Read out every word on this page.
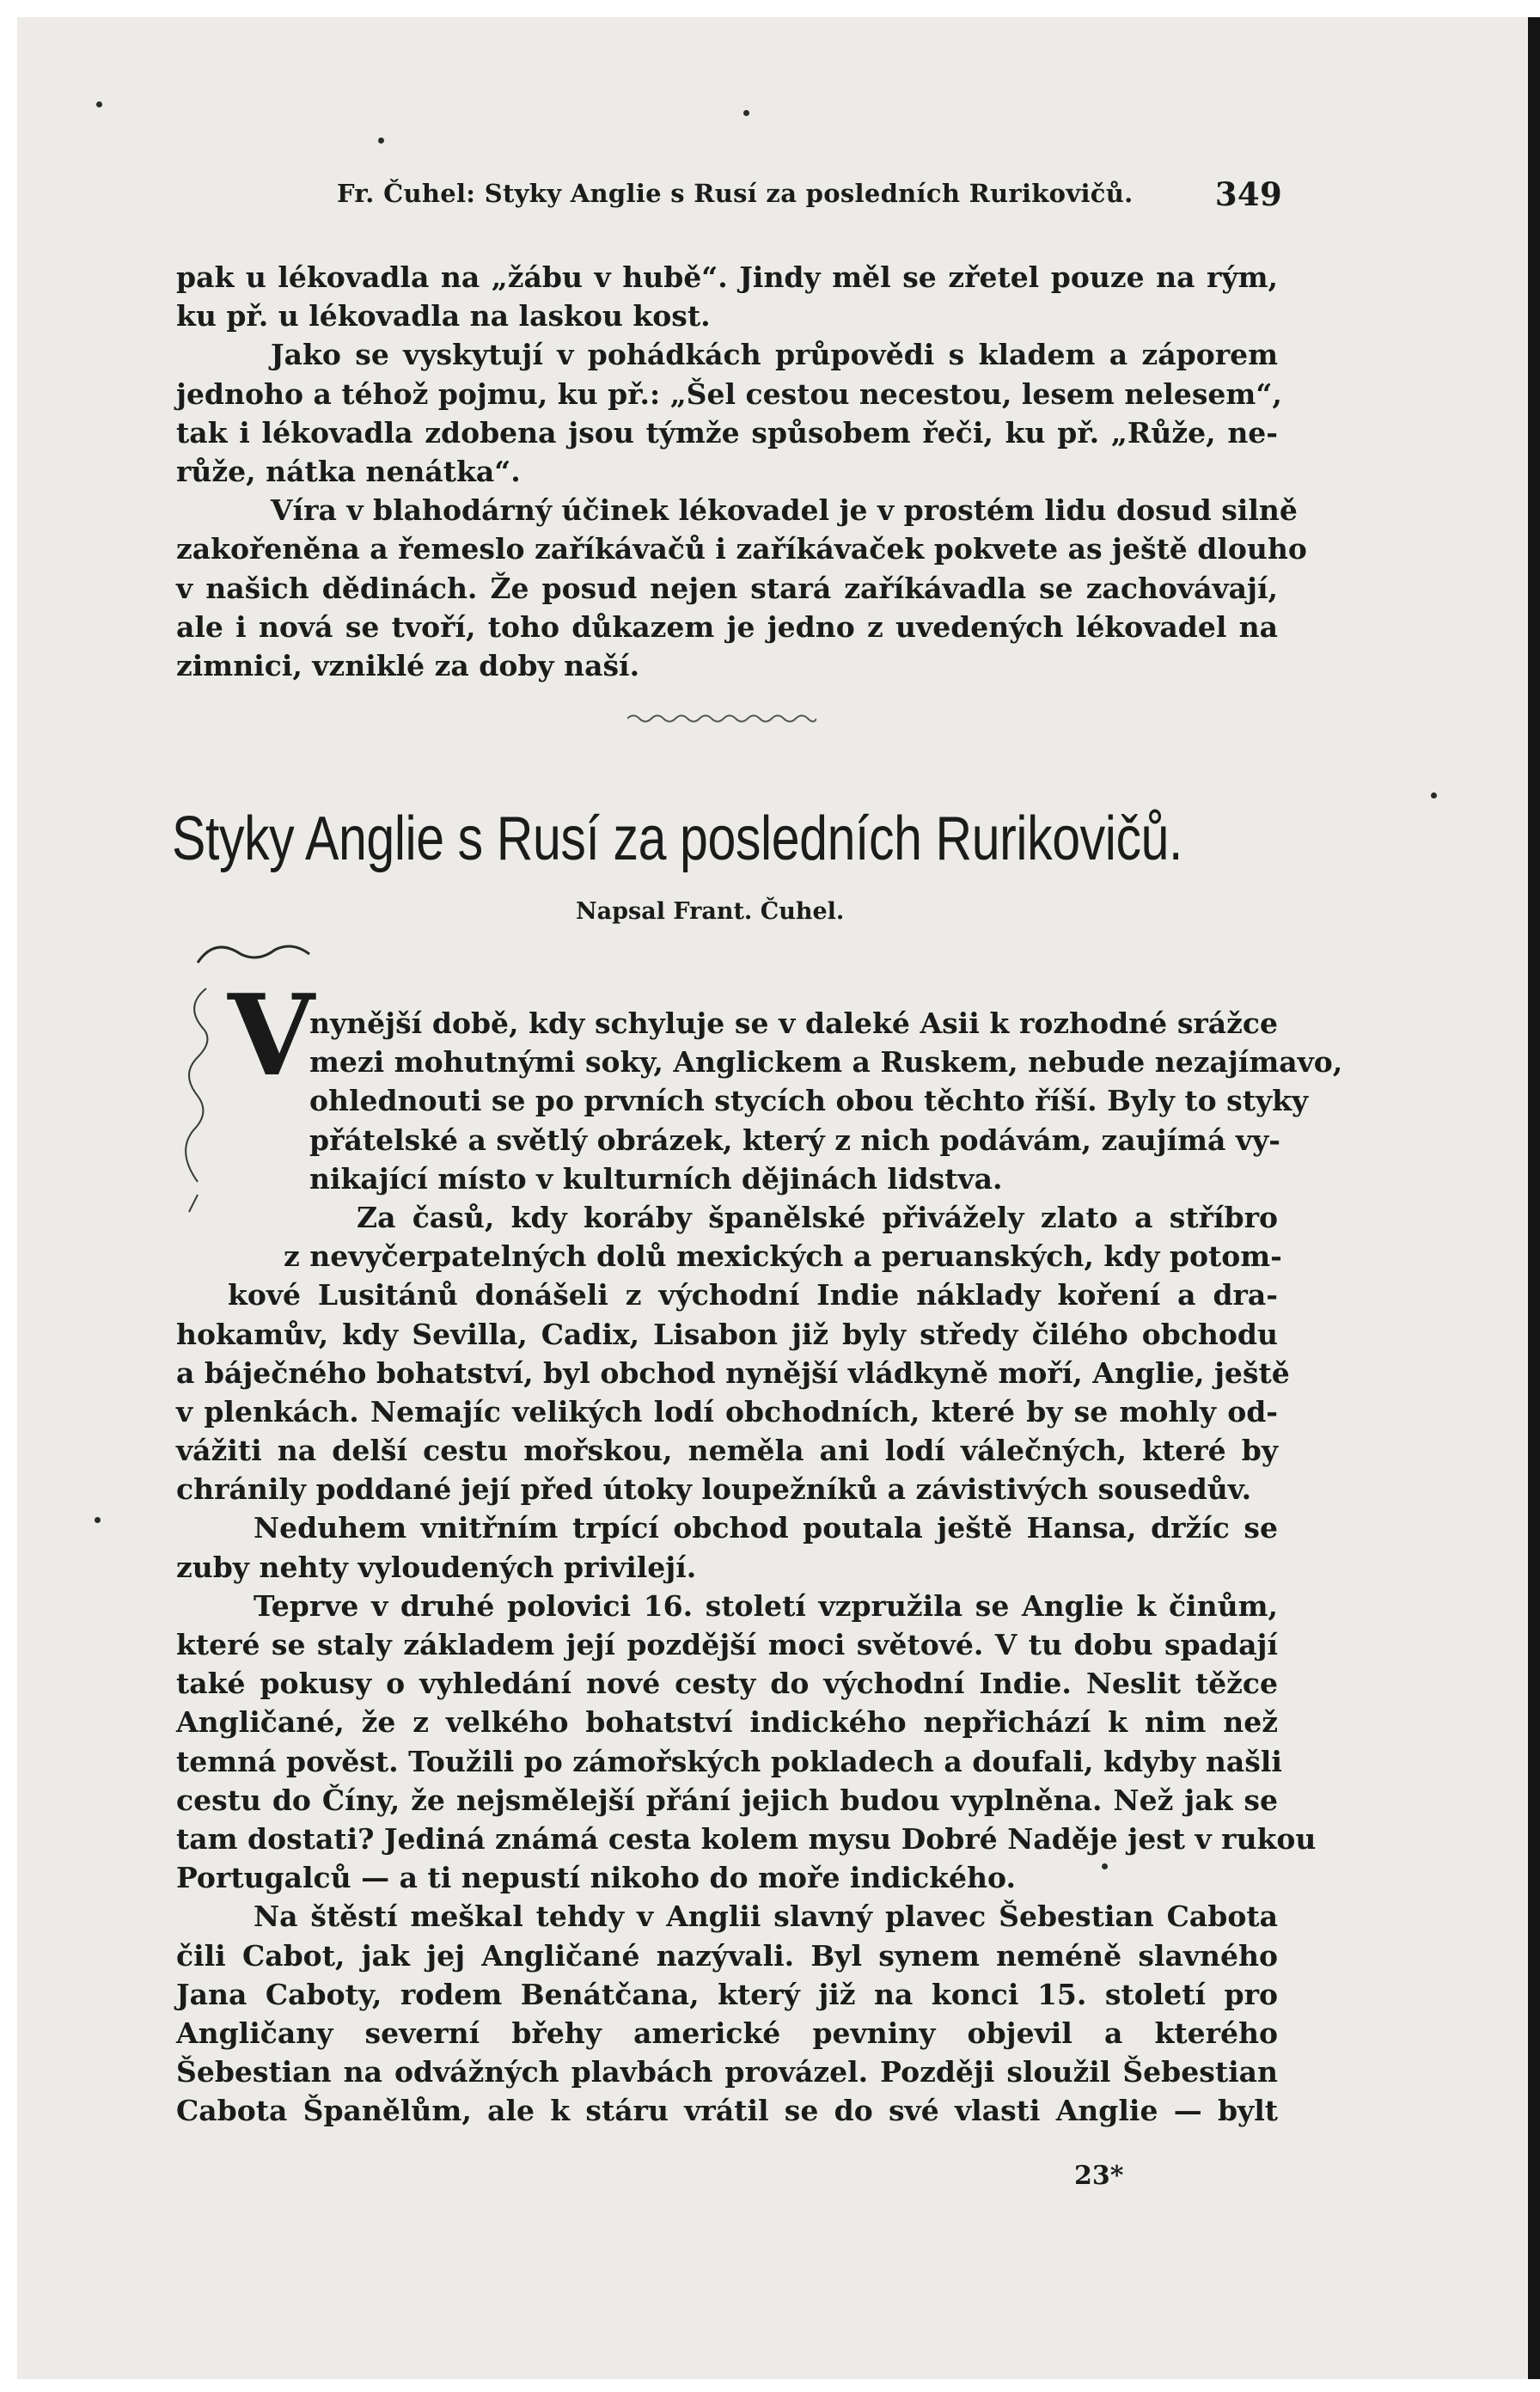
Fr. Čuhel: Styky Anglie s Rusí za posledních Rurikovičů.	349
pak u lékovadla na „žábu v hubě“. Jindy měl se zřetel pouze na rým,
ku př. u lékovadla na laskou kost.
Jako se vyskytují v pohádkách průpovědi s kladem a záporem
jednoho a téhož pojmu, ku př.: „Šel cestou necestou, lesem nelesem“,
tak i lékovadla zdobena jsou týmže spůsobem řeči, ku př. „Růže, ne-
růže, nátka nenátka“.
Víra v blahodárný účinek lékovadel je v prostém lidu dosud silně
zakořeněna a řemeslo zaříkávačů i zaříkávaček pokvete as ještě dlouho
v našich dědinách. Že posud nejen stará zaříkávadla se zachovávají,
ale i nová se tvoří, toho důkazem je jedno z uvedených lékovadel na
zimnici, vzniklé za doby naší.
Styky Anglie s Rusí za posledních Rurikovičů.
Napsal Frant. Čuhel.
V
nynější době, kdy schyluje se v daleké Asii k rozhodné srážce
mezi mohutnými soky, Anglickem a Ruskem, nebude nezajímavo,
ohlednouti se po prvních stycích obou těchto říší. Byly to styky
přátelské a světlý obrázek, který z nich podávám, zaujímá vy-
nikající místo v kulturních dějinách lidstva.
Za časů, kdy koráby španělské přivážely zlato a stříbro
z nevyčerpatelných dolů mexických a peruanských, kdy potom-
kové Lusitánů donášeli z východní Indie náklady koření a dra-
hokamův, kdy Sevilla, Cadix, Lisabon již byly středy čilého obchodu
a báječného bohatství, byl obchod nynější vládkyně moří, Anglie, ještě
v plenkách. Nemajíc velikých lodí obchodních, které by se mohly od-
vážiti na delší cestu mořskou, neměla ani lodí válečných, které by
chránily poddané její před útoky loupežníků a závistivých sousedův.
Neduhem vnitřním trpící obchod poutala ještě Hansa, držíc se
zuby nehty vyloudených privilejí.
Teprve v druhé polovici 16. století vzpružila se Anglie k činům,
které se staly základem její pozdější moci světové. V tu dobu spadají
také pokusy o vyhledání nové cesty do východní Indie. Neslit těžce
Angličané, že z velkého bohatství indického nepřichází k nim než
temná pověst. Toužili po zámořských pokladech a doufali, kdyby našli
cestu do Číny, že nejsmělejší přání jejich budou vyplněna. Než jak se
tam dostati? Jediná známá cesta kolem mysu Dobré Naděje jest v rukou
Portugalců — a ti nepustí nikoho do moře indického.
Na štěstí meškal tehdy v Anglii slavný plavec Šebestian Cabota
čili Cabot, jak jej Angličané nazývali. Byl synem neméně slavného
Jana Caboty, rodem Benátčana, který již na konci 15. století pro
Angličany severní břehy americké pevniny objevil a kterého
Šebestian na odvážných plavbách provázel. Později sloužil Šebestian
Cabota Španělům, ale k stáru vrátil se do své vlasti Anglie — bylt
23*
